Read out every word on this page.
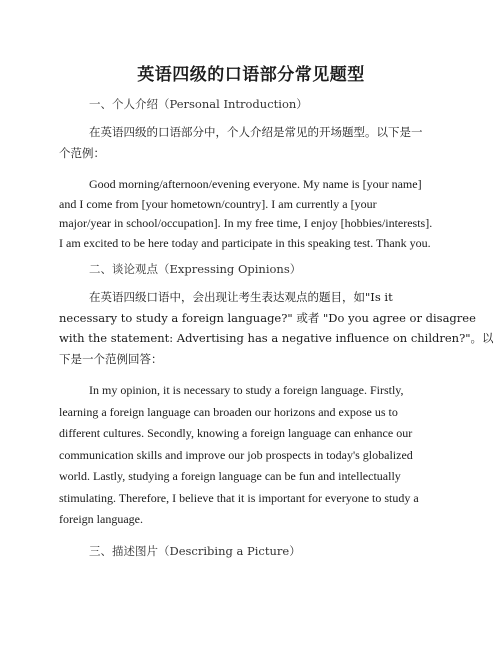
英语四级的口语部分常见题型
一、个人介绍（Personal Introduction）
在英语四级的口语部分中，个人介绍是常见的开场题型。以下是一
个范例：
Good morning/afternoon/evening everyone. My name is [your name]
and I come from [your hometown/country]. I am currently a [your
major/year in school/occupation]. In my free time, I enjoy [hobbies/interests].
I am excited to be here today and participate in this speaking test. Thank you.
二、谈论观点（Expressing Opinions）
在英语四级口语中，会出现让考生表达观点的题目，如"Is it
necessary to study a foreign language?" 或者 "Do you agree or disagree
with the statement: Advertising has a negative influence on children?"。以
下是一个范例回答：
In my opinion, it is necessary to study a foreign language. Firstly,
learning a foreign language can broaden our horizons and expose us to
different cultures. Secondly, knowing a foreign language can enhance our
communication skills and improve our job prospects in today's globalized
world. Lastly, studying a foreign language can be fun and intellectually
stimulating. Therefore, I believe that it is important for everyone to study a
foreign language.
三、描述图片（Describing a Picture）
